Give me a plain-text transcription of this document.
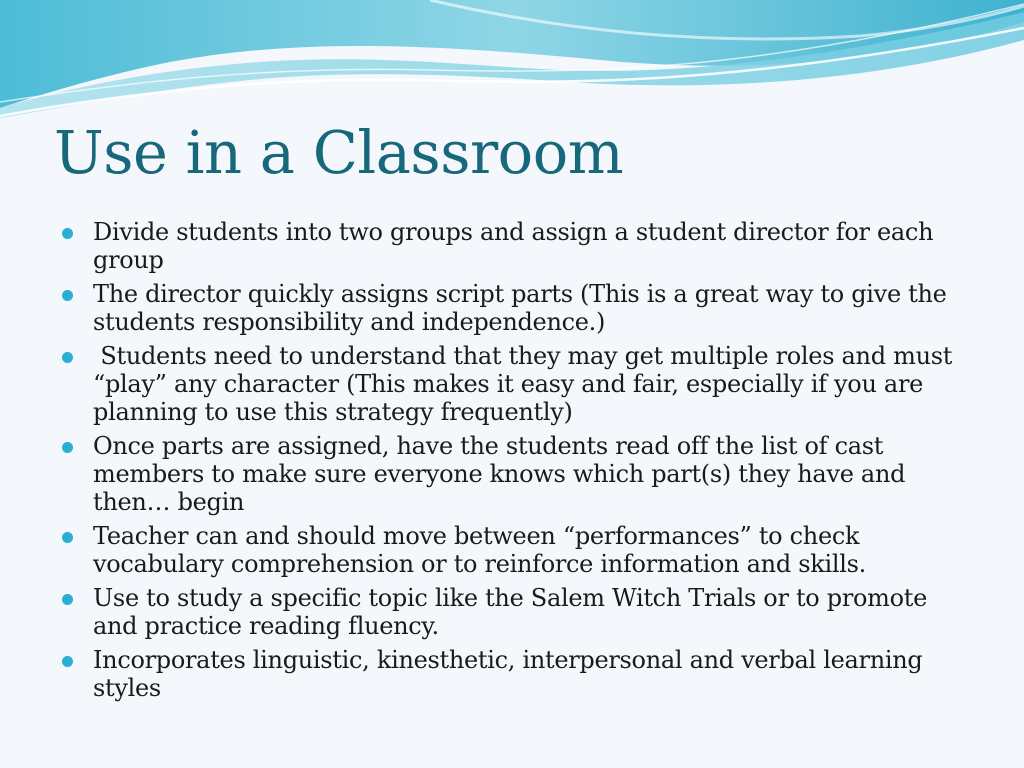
Use in a Classroom
Divide students into two groups and assign a student director for each group
The director quickly assigns script parts (This is a great way to give the students responsibility and independence.)
Students need to understand that they may get multiple roles and must “play” any character (This makes it easy and fair, especially if you are planning to use this strategy frequently)
Once parts are assigned, have the students read off the list of cast members to make sure everyone knows which part(s) they have and then… begin
Teacher can and should move between “performances” to check vocabulary comprehension or to reinforce information and skills.
Use to study a specific topic like the Salem Witch Trials or to promote and practice reading fluency.
Incorporates linguistic, kinesthetic, interpersonal and verbal learning styles
